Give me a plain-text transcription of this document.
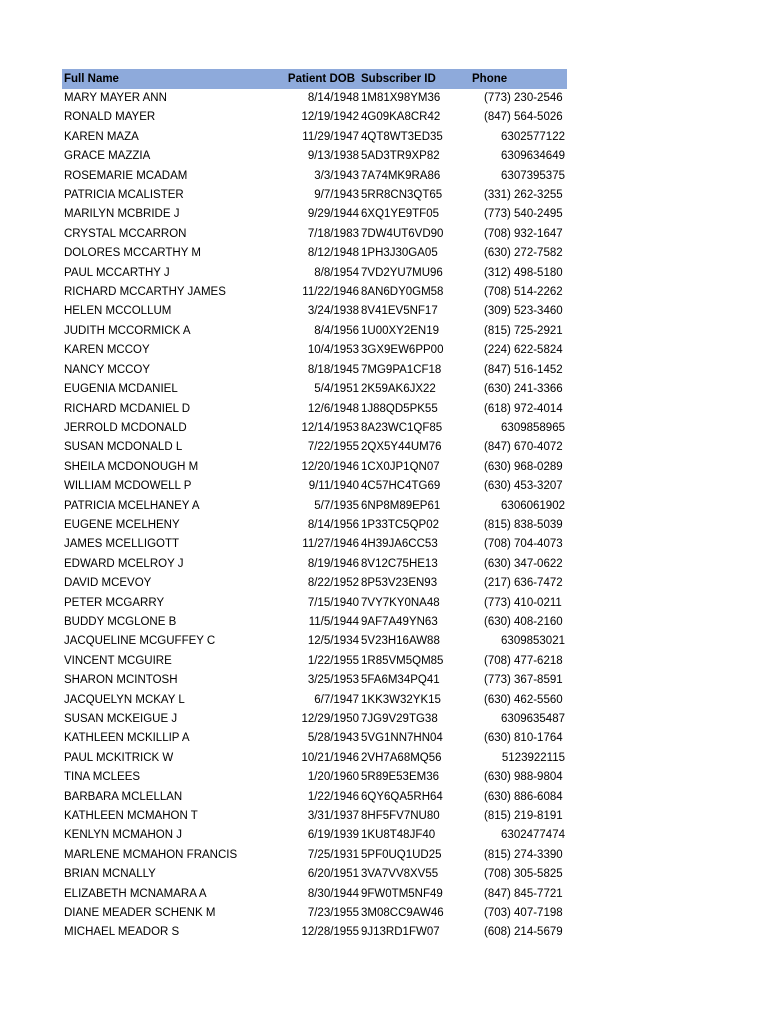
Full Name	Patient DOB	Subscriber ID	Phone
MARY MAYER ANN	8/14/1948	1M81X98YM36	(773) 230-2546
RONALD MAYER	12/19/1942	4G09KA8CR42	(847) 564-5026
KAREN MAZA	11/29/1947	4QT8WT3ED35	6302577122
GRACE MAZZIA	9/13/1938	5AD3TR9XP82	6309634649
ROSEMARIE MCADAM	3/3/1943	7A74MK9RA86	6307395375
PATRICIA MCALISTER	9/7/1943	5RR8CN3QT65	(331) 262-3255
MARILYN MCBRIDE J	9/29/1944	6XQ1YE9TF05	(773) 540-2495
CRYSTAL MCCARRON	7/18/1983	7DW4UT6VD90	(708) 932-1647
DOLORES MCCARTHY M	8/12/1948	1PH3J30GA05	(630) 272-7582
PAUL MCCARTHY J	8/8/1954	7VD2YU7MU96	(312) 498-5180
RICHARD MCCARTHY JAMES	11/22/1946	8AN6DY0GM58	(708) 514-2262
HELEN MCCOLLUM	3/24/1938	8V41EV5NF17	(309) 523-3460
JUDITH MCCORMICK A	8/4/1956	1U00XY2EN19	(815) 725-2921
KAREN MCCOY	10/4/1953	3GX9EW6PP00	(224) 622-5824
NANCY MCCOY	8/18/1945	7MG9PA1CF18	(847) 516-1452
EUGENIA MCDANIEL	5/4/1951	2K59AK6JX22	(630) 241-3366
RICHARD MCDANIEL D	12/6/1948	1J88QD5PK55	(618) 972-4014
JERROLD MCDONALD	12/14/1953	8A23WC1QF85	6309858965
SUSAN MCDONALD L	7/22/1955	2QX5Y44UM76	(847) 670-4072
SHEILA MCDONOUGH M	12/20/1946	1CX0JP1QN07	(630) 968-0289
WILLIAM MCDOWELL P	9/11/1940	4C57HC4TG69	(630) 453-3207
PATRICIA MCELHANEY A	5/7/1935	6NP8M89EP61	6306061902
EUGENE MCELHENY	8/14/1956	1P33TC5QP02	(815) 838-5039
JAMES MCELLIGOTT	11/27/1946	4H39JA6CC53	(708) 704-4073
EDWARD MCELROY J	8/19/1946	8V12C75HE13	(630) 347-0622
DAVID MCEVOY	8/22/1952	8P53V23EN93	(217) 636-7472
PETER MCGARRY	7/15/1940	7VY7KY0NA48	(773) 410-0211
BUDDY MCGLONE B	11/5/1944	9AF7A49YN63	(630) 408-2160
JACQUELINE MCGUFFEY C	12/5/1934	5V23H16AW88	6309853021
VINCENT MCGUIRE	1/22/1955	1R85VM5QM85	(708) 477-6218
SHARON MCINTOSH	3/25/1953	5FA6M34PQ41	(773) 367-8591
JACQUELYN MCKAY L	6/7/1947	1KK3W32YK15	(630) 462-5560
SUSAN MCKEIGUE J	12/29/1950	7JG9V29TG38	6309635487
KATHLEEN MCKILLIP A	5/28/1943	5VG1NN7HN04	(630) 810-1764
PAUL MCKITRICK W	10/21/1946	2VH7A68MQ56	5123922115
TINA MCLEES	1/20/1960	5R89E53EM36	(630) 988-9804
BARBARA MCLELLAN	1/22/1946	6QY6QA5RH64	(630) 886-6084
KATHLEEN MCMAHON T	3/31/1937	8HF5FV7NU80	(815) 219-8191
KENLYN MCMAHON J	6/19/1939	1KU8T48JF40	6302477474
MARLENE MCMAHON FRANCIS	7/25/1931	5PF0UQ1UD25	(815) 274-3390
BRIAN MCNALLY	6/20/1951	3VA7VV8XV55	(708) 305-5825
ELIZABETH MCNAMARA A	8/30/1944	9FW0TM5NF49	(847) 845-7721
DIANE MEADER SCHENK M	7/23/1955	3M08CC9AW46	(703) 407-7198
MICHAEL MEADOR S	12/28/1955	9J13RD1FW07	(608) 214-5679
